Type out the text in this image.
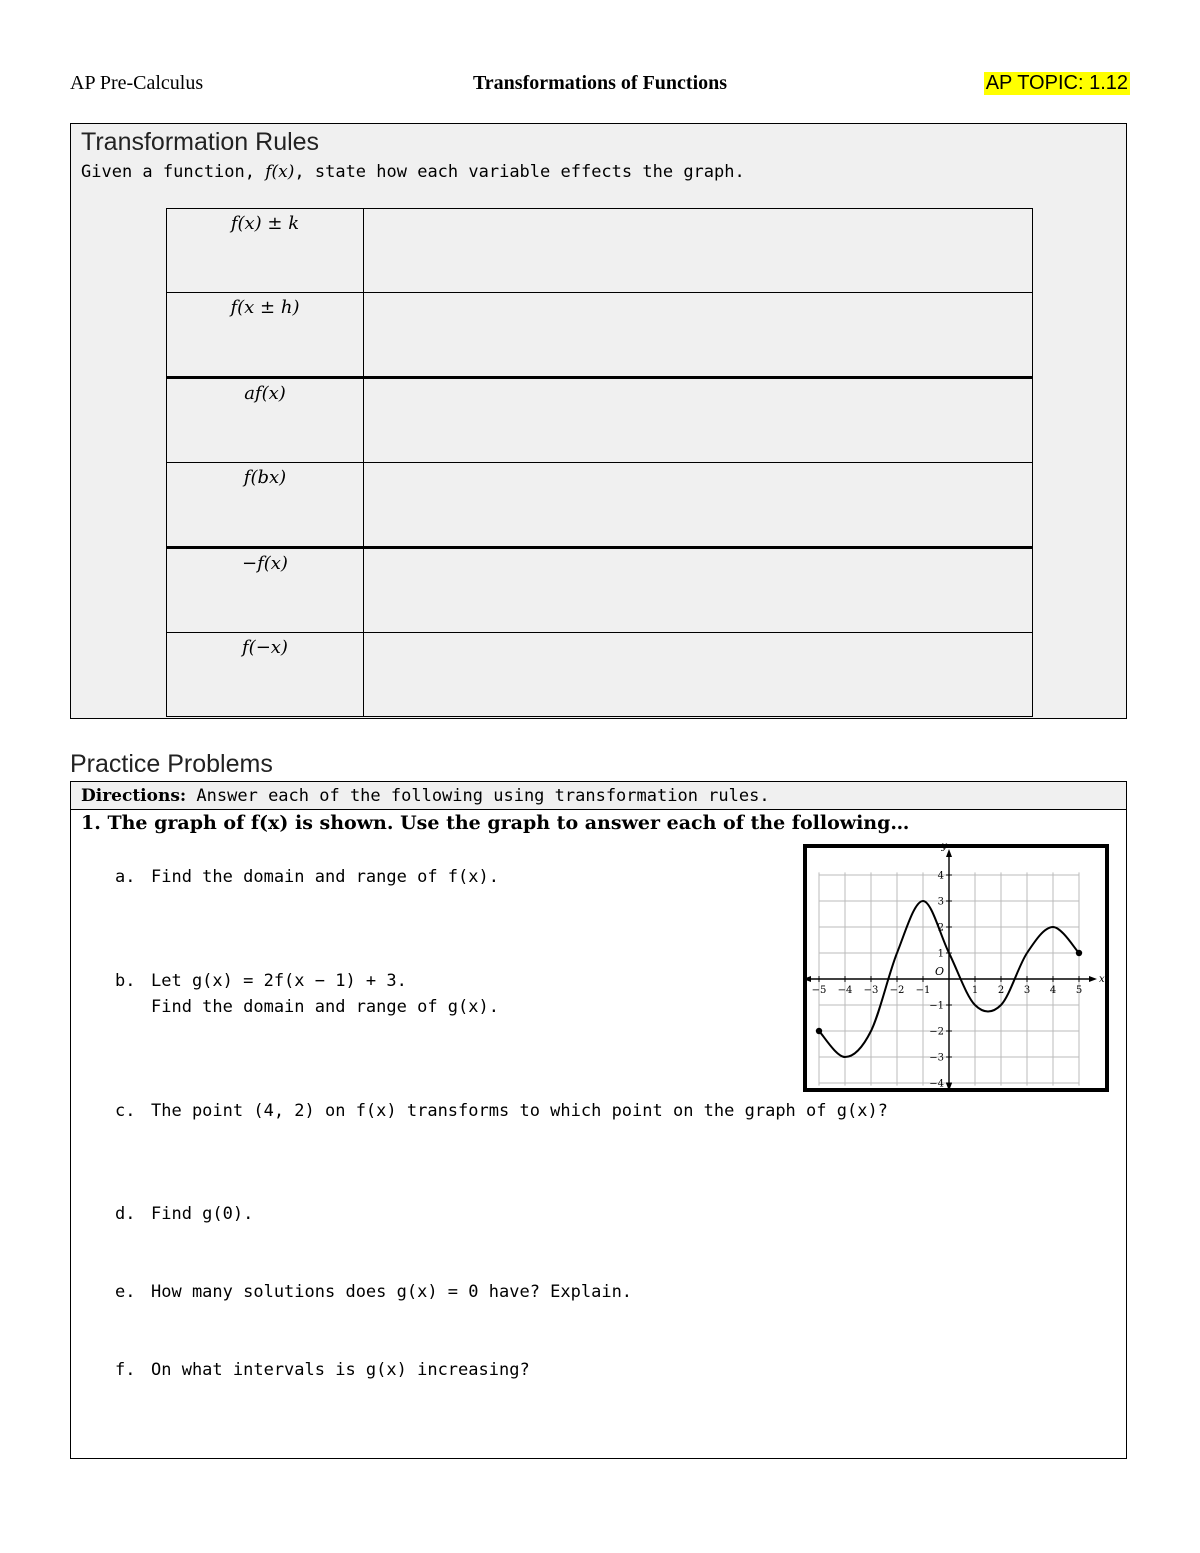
AP Pre-Calculus	Transformations of Functions	AP TOPIC: 1.12
Transformation Rules
Given a function, f(x), state how each variable effects the graph.
f(x) ± k	
f(x ± h)	
af(x)	
f(bx)	
−f(x)	
f(−x)	
Practice Problems
Directions: Answer each of the following using transformation rules.
1. The graph of f(x) is shown. Use the graph to answer each of the following…
a. Find the domain and range of f(x).
b. Let g(x) = 2f(x − 1) + 3.
Find the domain and range of g(x).
c. The point (4, 2) on f(x) transforms to which point on the graph of g(x)?
d. Find g(0).
e. How many solutions does g(x) = 0 have? Explain.
f. On what intervals is g(x) increasing?
−5 −4 −3 −2 −1	1 2 3 4 5
4
3
2
1
−1
−2
−3
−4
x
y
O
